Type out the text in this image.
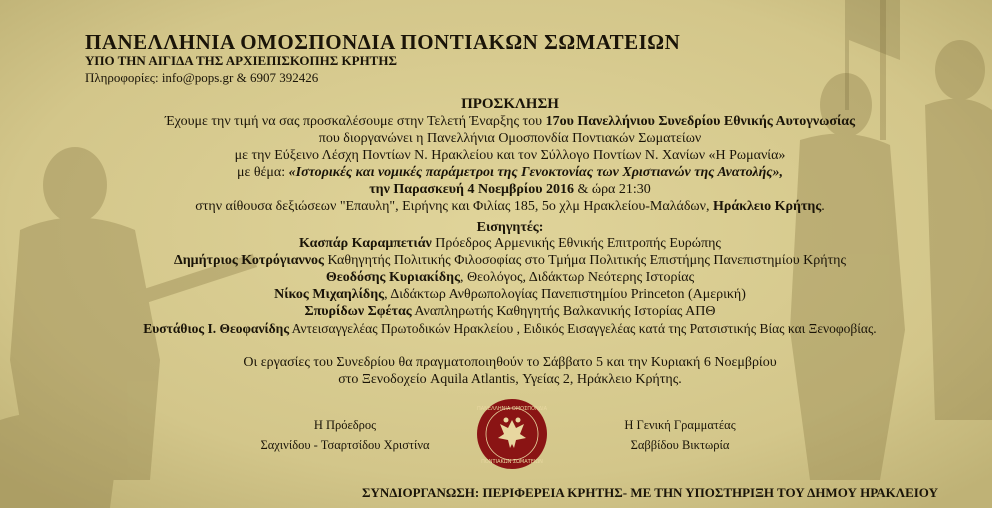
ΠΑΝΕΛΛΗΝΙΑ ΟΜΟΣΠΟΝΔΙΑ ΠΟΝΤΙΑΚΩΝ ΣΩΜΑΤΕΙΩΝ
ΥΠΟ ΤΗΝ ΑΙΓΙΔΑ ΤΗΣ ΑΡΧΙΕΠΙΣΚΟΠΗΣ ΚΡΗΤΗΣ
Πληροφορίες: info@pops.gr & 6907 392426
ΠΡΟΣΚΛΗΣΗ
Έχουμε την τιμή να σας προσκαλέσουμε στην Τελετή Έναρξης του 17ου Πανελλήνιου Συνεδρίου Εθνικής Αυτογνωσίας
που διοργανώνει η Πανελλήνια Ομοσπονδία Ποντιακών Σωματείων
με την Εύξεινο Λέσχη Ποντίων Ν. Ηρακλείου και τον Σύλλογο Ποντίων Ν. Χανίων «Η Ρωμανία»
με θέμα: «Ιστορικές και νομικές παράμετροι της Γενοκτονίας των Χριστιανών της Ανατολής»,
την Παρασκευή 4 Νοεμβρίου 2016 & ώρα 21:30
στην αίθουσα δεξιώσεων "Επαυλη", Ειρήνης και Φιλίας 185, 5ο χλμ Ηρακλείου-Μαλάδων, Ηράκλειο Κρήτης.
Εισηγητές:
Κασπάρ Καραμπετιάν Πρόεδρος Αρμενικής Εθνικής Επιτροπής Ευρώπης
Δημήτριος Κοτρόγιαννος Καθηγητής Πολιτικής Φιλοσοφίας στο Τμήμα Πολιτικής Επιστήμης Πανεπιστημίου Κρήτης
Θεοδόσης Κυριακίδης, Θεολόγος, Διδάκτωρ Νεότερης Ιστορίας
Νίκος Μιχαηλίδης, Διδάκτωρ Ανθρωπολογίας Πανεπιστημίου Princeton (Αμερική)
Σπυρίδων Σφέτας Αναπληρωτής Καθηγητής Βαλκανικής Ιστορίας ΑΠΘ
Ευστάθιος Ι. Θεοφανίδης Αντεισαγγελέας Πρωτοδικών Ηρακλείου , Ειδικός Εισαγγελέας κατά της Ρατσιστικής Βίας και Ξενοφοβίας.
Οι εργασίες του Συνεδρίου θα πραγματοποιηθούν το Σάββατο 5 και την Κυριακή 6 Νοεμβρίου
στο Ξενοδοχείο Aquila Atlantis, Υγείας 2, Ηράκλειο Κρήτης.
Η Πρόεδρος
Σαχινίδου - Τσαρτσίδου Χριστίνα
Η Γενική Γραμματέας
Σαββίδου Βικτωρία
ΠΑΝΕΛΛΗΝΙΑ ΟΜΟΣΠΟΝΔΙΑ
ΠΟΝΤΙΑΚΩΝ ΣΩΜΑΤΕΙΩΝ
ΣΥΝΔΙΟΡΓΑΝΩΣΗ: ΠΕΡΙΦΕΡΕΙΑ ΚΡΗΤΗΣ- ΜΕ ΤΗΝ ΥΠΟΣΤΗΡΙΞΗ ΤΟΥ ΔΗΜΟΥ ΗΡΑΚΛΕΙΟΥ
